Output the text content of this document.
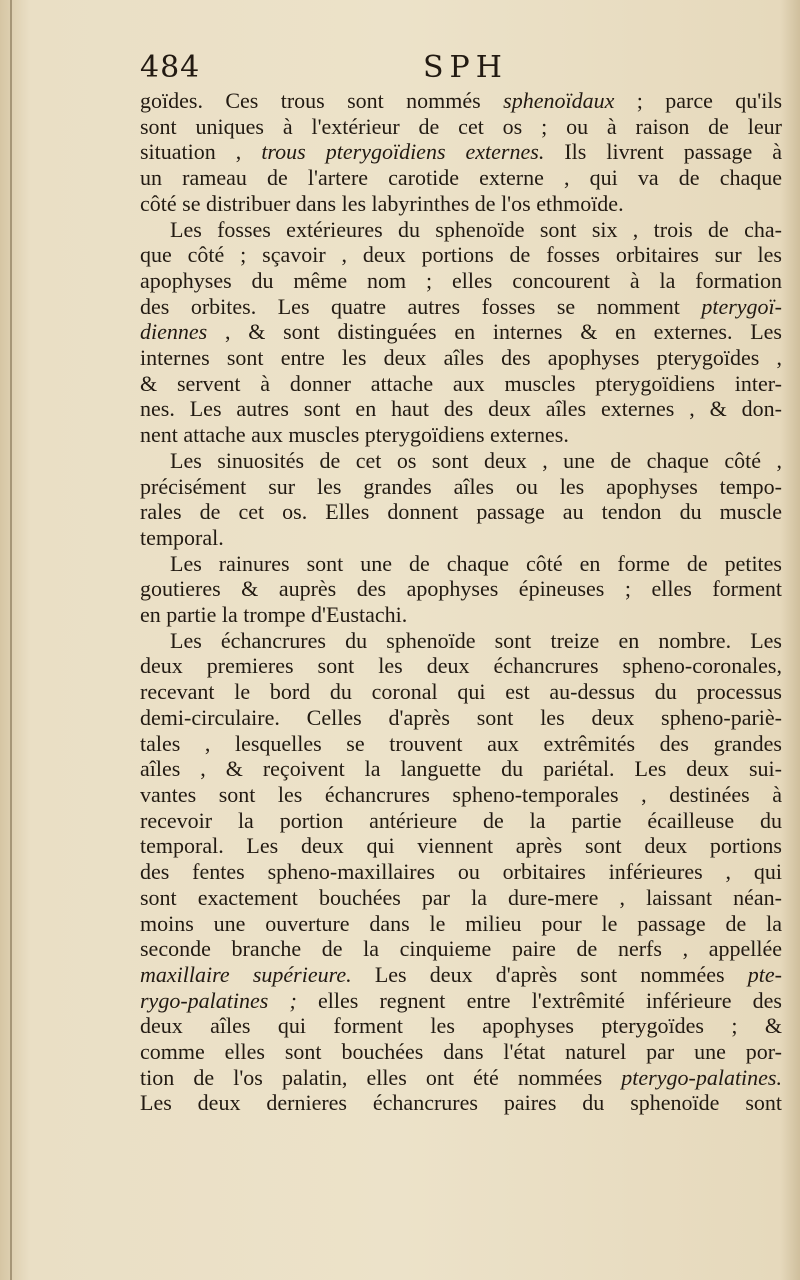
484	SPH
goïdes. Ces trous sont nommés sphenoïdaux ; parce qu'ils
sont uniques à l'extérieur de cet os ; ou à raison de leur
situation , trous pterygoïdiens externes. Ils livrent passage à
un rameau de l'artere carotide externe , qui va de chaque
côté se distribuer dans les labyrinthes de l'os ethmoïde.
Les fosses extérieures du sphenoïde sont six , trois de cha-
que côté ; sçavoir , deux portions de fosses orbitaires sur les
apophyses du même nom ; elles concourent à la formation
des orbites. Les quatre autres fosses se nomment pterygoï-
diennes , & sont distinguées en internes & en externes. Les
internes sont entre les deux aîles des apophyses pterygoïdes ,
& servent à donner attache aux muscles pterygoïdiens inter-
nes. Les autres sont en haut des deux aîles externes , & don-
nent attache aux muscles pterygoïdiens externes.
Les sinuosités de cet os sont deux , une de chaque côté ,
précisément sur les grandes aîles ou les apophyses tempo-
rales de cet os. Elles donnent passage au tendon du muscle
temporal.
Les rainures sont une de chaque côté en forme de petites
goutieres & auprès des apophyses épineuses ; elles forment
en partie la trompe d'Eustachi.
Les échancrures du sphenoïde sont treize en nombre. Les
deux premieres sont les deux échancrures spheno-coronales,
recevant le bord du coronal qui est au-dessus du processus
demi-circulaire. Celles d'après sont les deux spheno-pariè-
tales , lesquelles se trouvent aux extrêmités des grandes
aîles , & reçoivent la languette du pariétal. Les deux sui-
vantes sont les échancrures spheno-temporales , destinées à
recevoir la portion antérieure de la partie écailleuse du
temporal. Les deux qui viennent après sont deux portions
des fentes spheno-maxillaires ou orbitaires inférieures , qui
sont exactement bouchées par la dure-mere , laissant néan-
moins une ouverture dans le milieu pour le passage de la
seconde branche de la cinquieme paire de nerfs , appellée
maxillaire supérieure. Les deux d'après sont nommées pte-
rygo-palatines ; elles regnent entre l'extrêmité inférieure des
deux aîles qui forment les apophyses pterygoïdes ; &
comme elles sont bouchées dans l'état naturel par une por-
tion de l'os palatin, elles ont été nommées pterygo-palatines.
Les deux dernieres échancrures paires du sphenoïde sont
